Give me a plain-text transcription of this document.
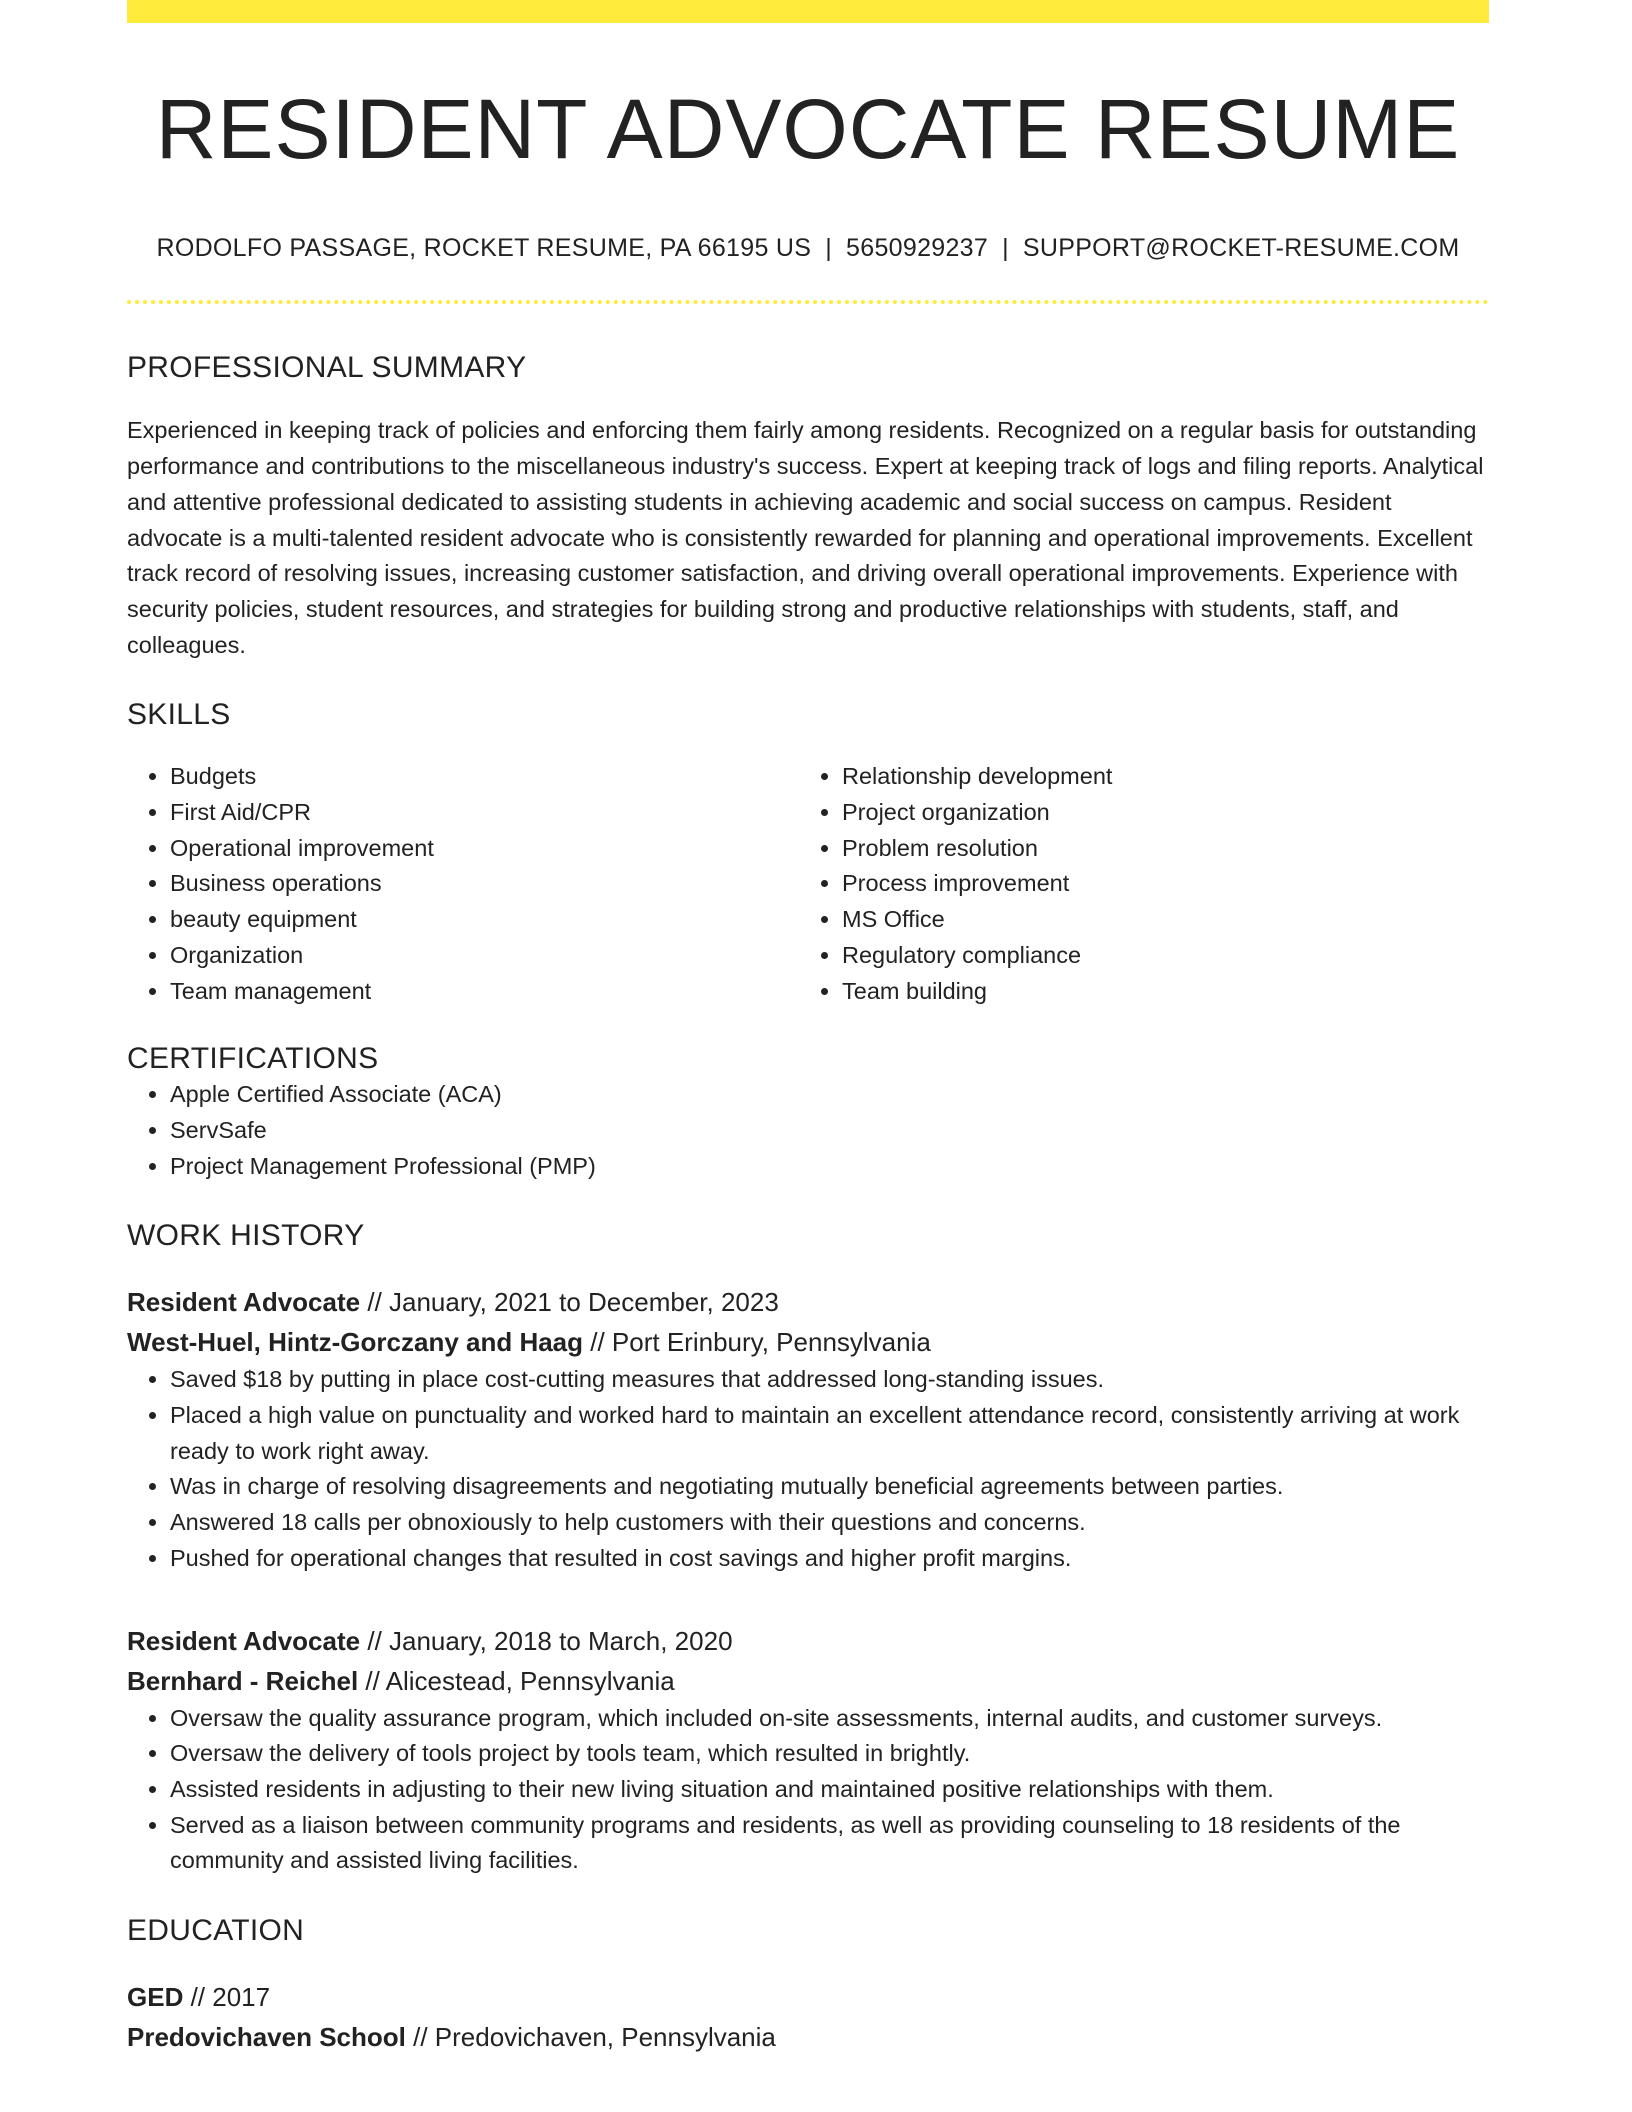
RESIDENT ADVOCATE RESUME
RODOLFO PASSAGE, ROCKET RESUME, PA 66195 US | 5650929237 | SUPPORT@ROCKET-RESUME.COM
PROFESSIONAL SUMMARY
Experienced in keeping track of policies and enforcing them fairly among residents. Recognized on a regular basis for outstanding performance and contributions to the miscellaneous industry's success. Expert at keeping track of logs and filing reports. Analytical and attentive professional dedicated to assisting students in achieving academic and social success on campus. Resident advocate is a multi-talented resident advocate who is consistently rewarded for planning and operational improvements. Excellent track record of resolving issues, increasing customer satisfaction, and driving overall operational improvements. Experience with security policies, student resources, and strategies for building strong and productive relationships with students, staff, and colleagues.
SKILLS
• Budgets
• First Aid/CPR
• Operational improvement
• Business operations
• beauty equipment
• Organization
• Team management
• Relationship development
• Project organization
• Problem resolution
• Process improvement
• MS Office
• Regulatory compliance
• Team building
CERTIFICATIONS
• Apple Certified Associate (ACA)
• ServSafe
• Project Management Professional (PMP)
WORK HISTORY
Resident Advocate // January, 2021 to December, 2023
West-Huel, Hintz-Gorczany and Haag // Port Erinbury, Pennsylvania
• Saved $18 by putting in place cost-cutting measures that addressed long-standing issues.
• Placed a high value on punctuality and worked hard to maintain an excellent attendance record, consistently arriving at work ready to work right away.
• Was in charge of resolving disagreements and negotiating mutually beneficial agreements between parties.
• Answered 18 calls per obnoxiously to help customers with their questions and concerns.
• Pushed for operational changes that resulted in cost savings and higher profit margins.
Resident Advocate // January, 2018 to March, 2020
Bernhard - Reichel // Alicestead, Pennsylvania
• Oversaw the quality assurance program, which included on-site assessments, internal audits, and customer surveys.
• Oversaw the delivery of tools project by tools team, which resulted in brightly.
• Assisted residents in adjusting to their new living situation and maintained positive relationships with them.
• Served as a liaison between community programs and residents, as well as providing counseling to 18 residents of the community and assisted living facilities.
EDUCATION
GED // 2017
Predovichaven School // Predovichaven, Pennsylvania
